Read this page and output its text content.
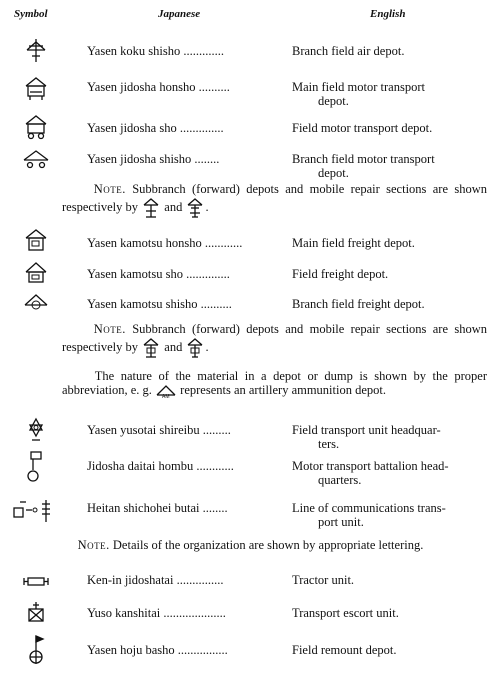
Symbol	Japanese	English
Yasen koku shisho .............	Branch field air depot.
Yasen jidosha honsho ..........	Main field motor transport
depot.
Yasen jidosha sho ..............	Field motor transport depot.
Yasen jidosha shisho ........	Branch field motor transport
depot.
Note. Subbranch (forward) depots and mobile repair sections are shown respectively by and .
Yasen kamotsu honsho ............	Main field freight depot.
Yasen kamotsu sho ..............	Field freight depot.
Yasen kamotsu shisho ..........	Branch field freight depot.
Note. Subbranch (forward) depots and mobile repair sections are shown respectively by and .
The nature of the material in a depot or dump is shown by the proper abbreviation, e. g.
AM
represents an artillery ammunition depot.
Yasen yusotai shireibu .........	Field transport unit headquar-
ters.
Jidosha daitai hombu ............	Motor transport battalion head-
quarters.
Heitan shichohei butai ........	Line of communications trans-
port unit.
Note. Details of the organization are shown by appropriate lettering.
Ken-in jidoshatai ...............	Tractor unit.
Yuso kanshitai ....................	Transport escort unit.
Yasen hoju basho ................	Field remount depot.
